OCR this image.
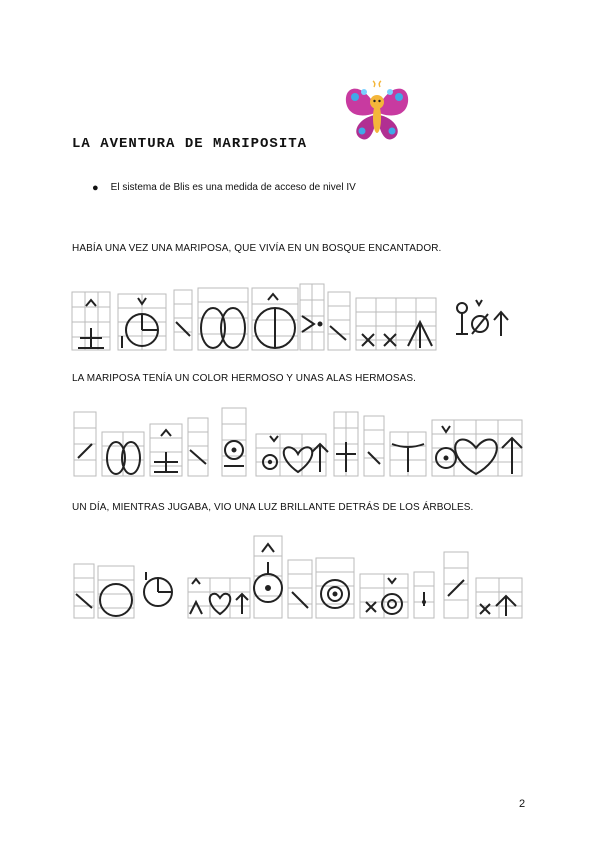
LA AVENTURA DE MARIPOSITA
● El sistema de Blis es una medida de acceso de nivel IV
HABÍA UNA VEZ UNA MARIPOSA, QUE VIVÍA EN UN BOSQUE ENCANTADOR.
LA MARIPOSA TENÍA UN COLOR HERMOSO Y UNAS ALAS HERMOSAS.
UN DÍA, MIENTRAS JUGABA, VIO UNA LUZ BRILLANTE DETRÁS DE LOS ÁRBOLES.
2
